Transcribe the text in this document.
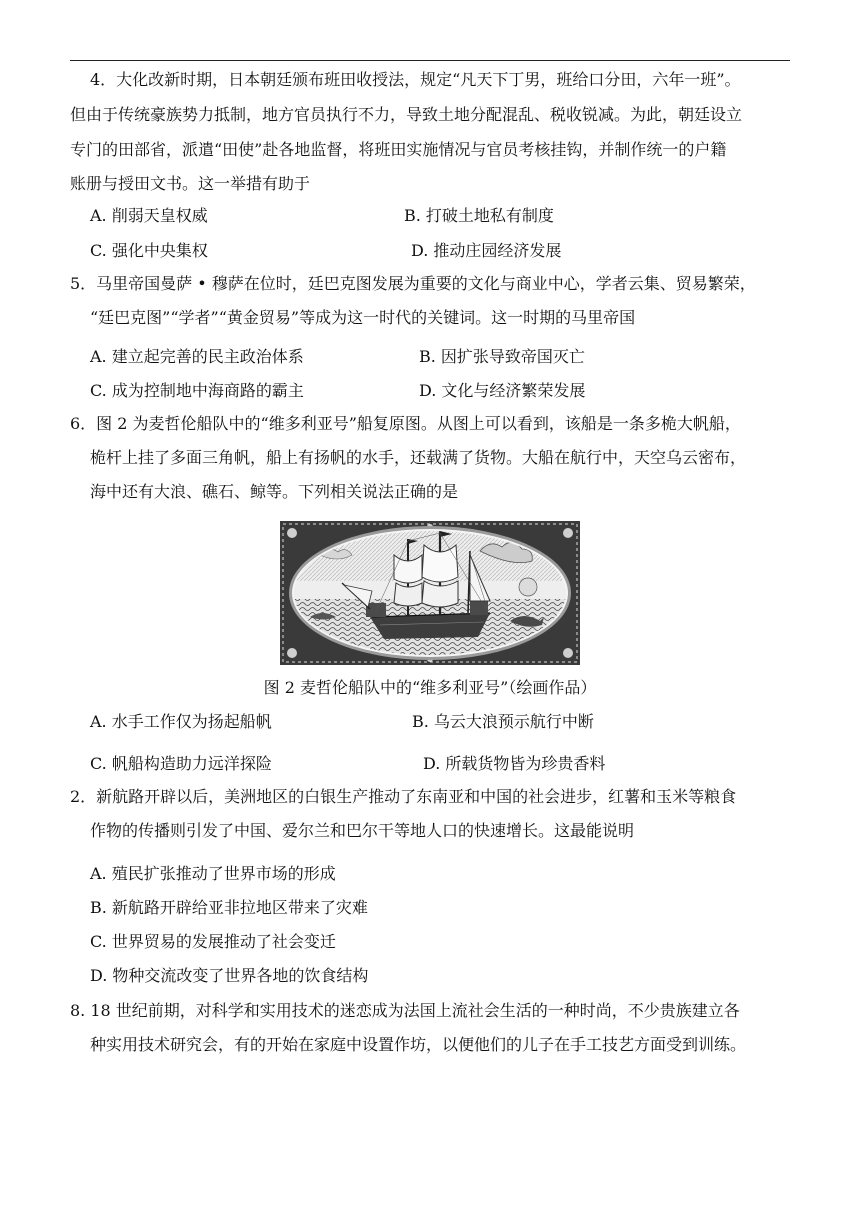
4．大化改新时期，日本朝廷颁布班田收授法，规定“凡天下丁男，班给口分田，六年一班”。
但由于传统豪族势力抵制，地方官员执行不力，导致土地分配混乱、税收锐减。为此，朝廷设立
专门的田部省，派遣“田使”赴各地监督，将班田实施情况与官员考核挂钩，并制作统一的户籍
账册与授田文书。这一举措有助于
A. 削弱天皇权威	B. 打破土地私有制度
C. 强化中央集权	D. 推动庄园经济发展
5．马里帝国曼萨 • 穆萨在位时，廷巴克图发展为重要的文化与商业中心，学者云集、贸易繁荣，
“廷巴克图”“学者”“黄金贸易”等成为这一时代的关键词。这一时期的马里帝国
A. 建立起完善的民主政治体系	B. 因扩张导致帝国灭亡
C. 成为控制地中海商路的霸主	D. 文化与经济繁荣发展
6．图 2 为麦哲伦船队中的“维多利亚号”船复原图。从图上可以看到，该船是一条多桅大帆船，
桅杆上挂了多面三角帆，船上有扬帆的水手，还载满了货物。大船在航行中，天空乌云密布，
海中还有大浪、礁石、鲸等。下列相关说法正确的是
图 2 麦哲伦船队中的“维多利亚号”（绘画作品）
A. 水手工作仅为扬起船帆	B. 乌云大浪预示航行中断
C. 帆船构造助力远洋探险	D. 所载货物皆为珍贵香料
2．新航路开辟以后，美洲地区的白银生产推动了东南亚和中国的社会进步，红薯和玉米等粮食
作物的传播则引发了中国、爱尔兰和巴尔干等地人口的快速增长。这最能说明
A. 殖民扩张推动了世界市场的形成
B. 新航路开辟给亚非拉地区带来了灾难
C. 世界贸易的发展推动了社会变迁
D. 物种交流改变了世界各地的饮食结构
8. 18 世纪前期，对科学和实用技术的迷恋成为法国上流社会生活的一种时尚，不少贵族建立各
种实用技术研究会，有的开始在家庭中设置作坊，以便他们的儿子在手工技艺方面受到训练。
